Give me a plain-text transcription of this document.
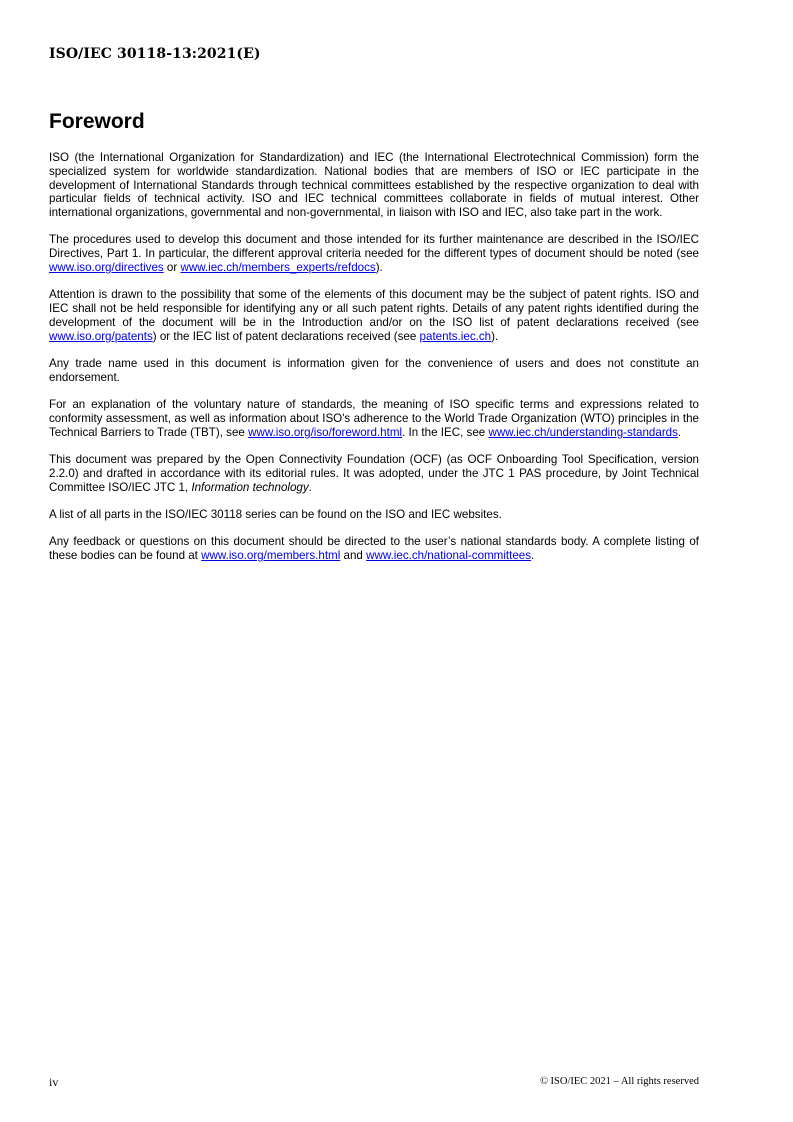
ISO/IEC 30118-13:2021(E)
Foreword

ISO (the International Organization for Standardization) and IEC (the International Electrotechnical Commission) form the specialized system for worldwide standardization. National bodies that are members of ISO or IEC participate in the development of International Standards through technical committees established by the respective organization to deal with particular fields of technical activity. ISO and IEC technical committees collaborate in fields of mutual interest. Other international organizations, governmental and non-governmental, in liaison with ISO and IEC, also take part in the work.

The procedures used to develop this document and those intended for its further maintenance are described in the ISO/IEC Directives, Part 1. In particular, the different approval criteria needed for the different types of document should be noted (see www.iso.org/directives or www.iec.ch/members_experts/refdocs).

Attention is drawn to the possibility that some of the elements of this document may be the subject of patent rights. ISO and IEC shall not be held responsible for identifying any or all such patent rights. Details of any patent rights identified during the development of the document will be in the Introduction and/or on the ISO list of patent declarations received (see www.iso.org/patents) or the IEC list of patent declarations received (see patents.iec.ch).

Any trade name used in this document is information given for the convenience of users and does not constitute an endorsement.

For an explanation of the voluntary nature of standards, the meaning of ISO specific terms and expressions related to conformity assessment, as well as information about ISO's adherence to the World Trade Organization (WTO) principles in the Technical Barriers to Trade (TBT), see www.iso.org/iso/foreword.html. In the IEC, see www.iec.ch/understanding-standards.

This document was prepared by the Open Connectivity Foundation (OCF) (as OCF Onboarding Tool Specification, version 2.2.0) and drafted in accordance with its editorial rules. It was adopted, under the JTC 1 PAS procedure, by Joint Technical Committee ISO/IEC JTC 1, Information technology.

A list of all parts in the ISO/IEC 30118 series can be found on the ISO and IEC websites.

Any feedback or questions on this document should be directed to the user’s national standards body. A complete listing of these bodies can be found at www.iso.org/members.html and www.iec.ch/national-committees.

iv	© ISO/IEC 2021 – All rights reserved
